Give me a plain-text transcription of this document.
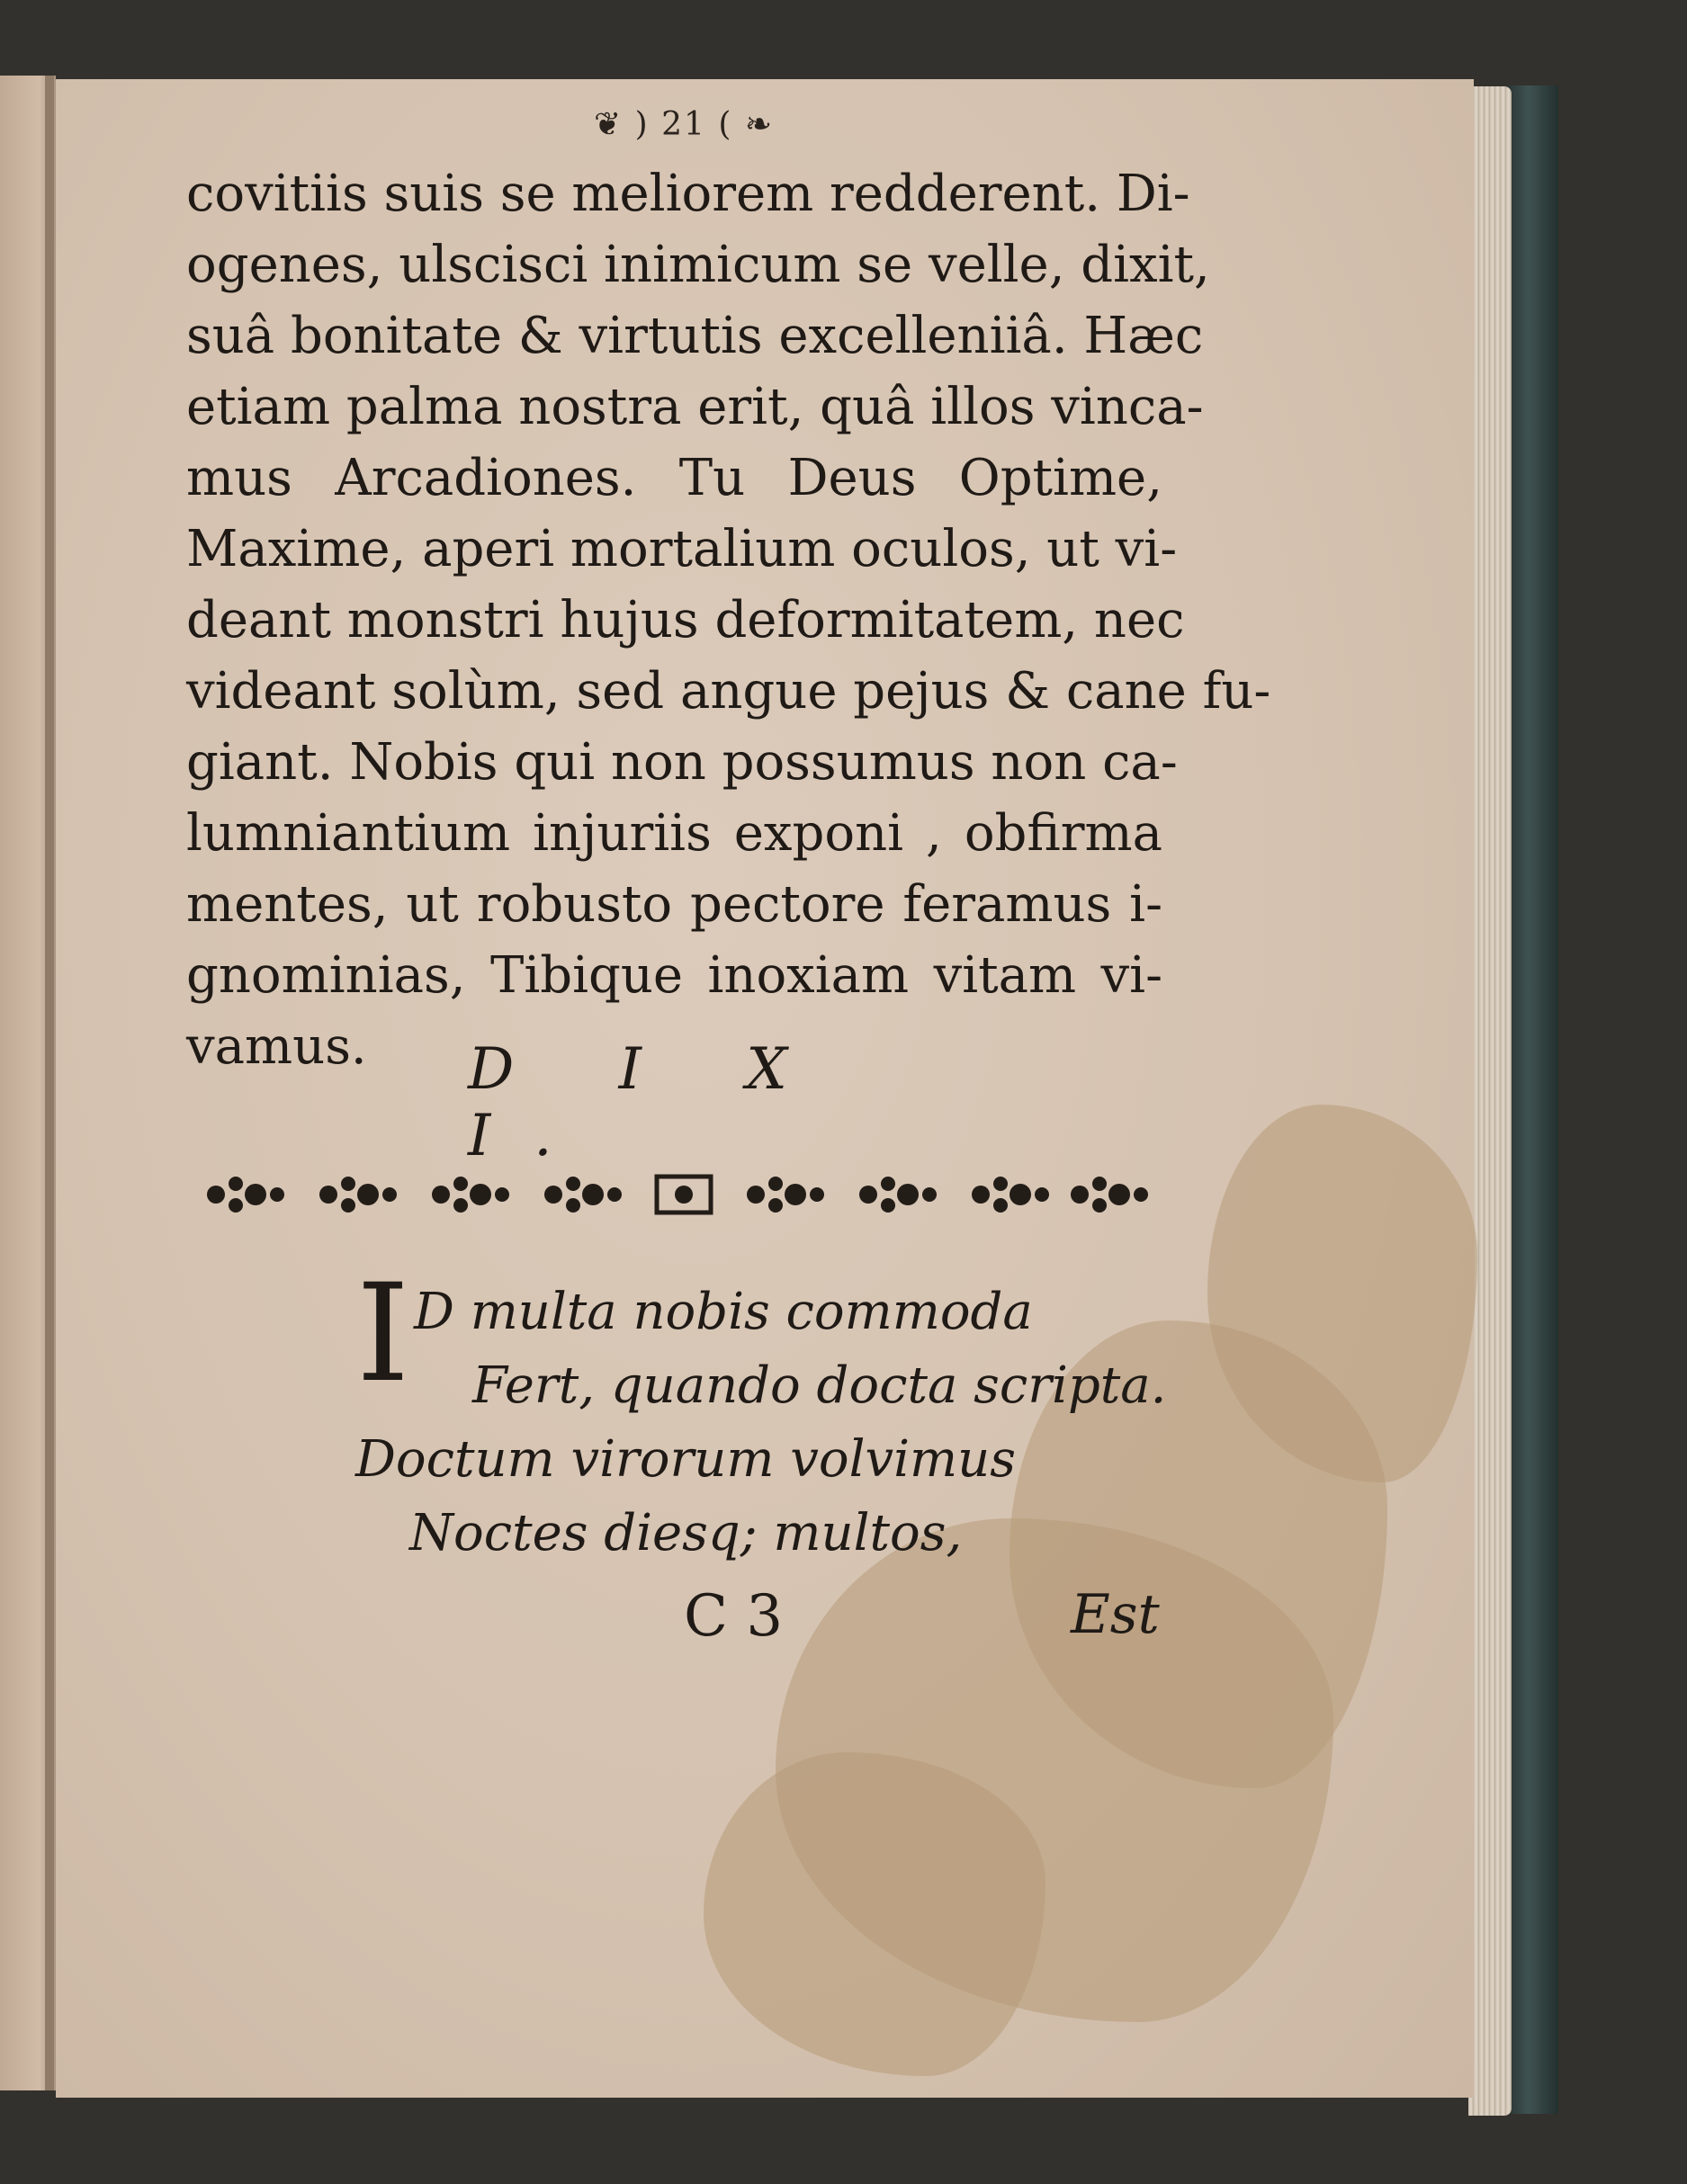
❦ ) 21 ( ❧
covitiis suis se meliorem redderent. Di-
ogenes, ulscisci inimicum se velle, dixit,
suâ bonitate & virtutis excelleniiâ. Hæc
etiam palma nostra erit, quâ illos vinca-
mus Arcadiones. Tu Deus Optime,
Maxime, aperi mortalium oculos, ut vi-
deant monstri hujus deformitatem, nec
videant solùm, sed angue pejus & cane fu-
giant. Nobis qui non possumus non ca-
lumniantium injuriis exponi , obfirma
mentes, ut robusto pectore feramus i-
gnominias, Tibique inoxiam vitam vi-
vamus.	D I X I.
I D multa nobis commoda
Fert, quando docta scripta.
Doctum virorum volvimus
Noctes diesq; multos,
C 3	Est
